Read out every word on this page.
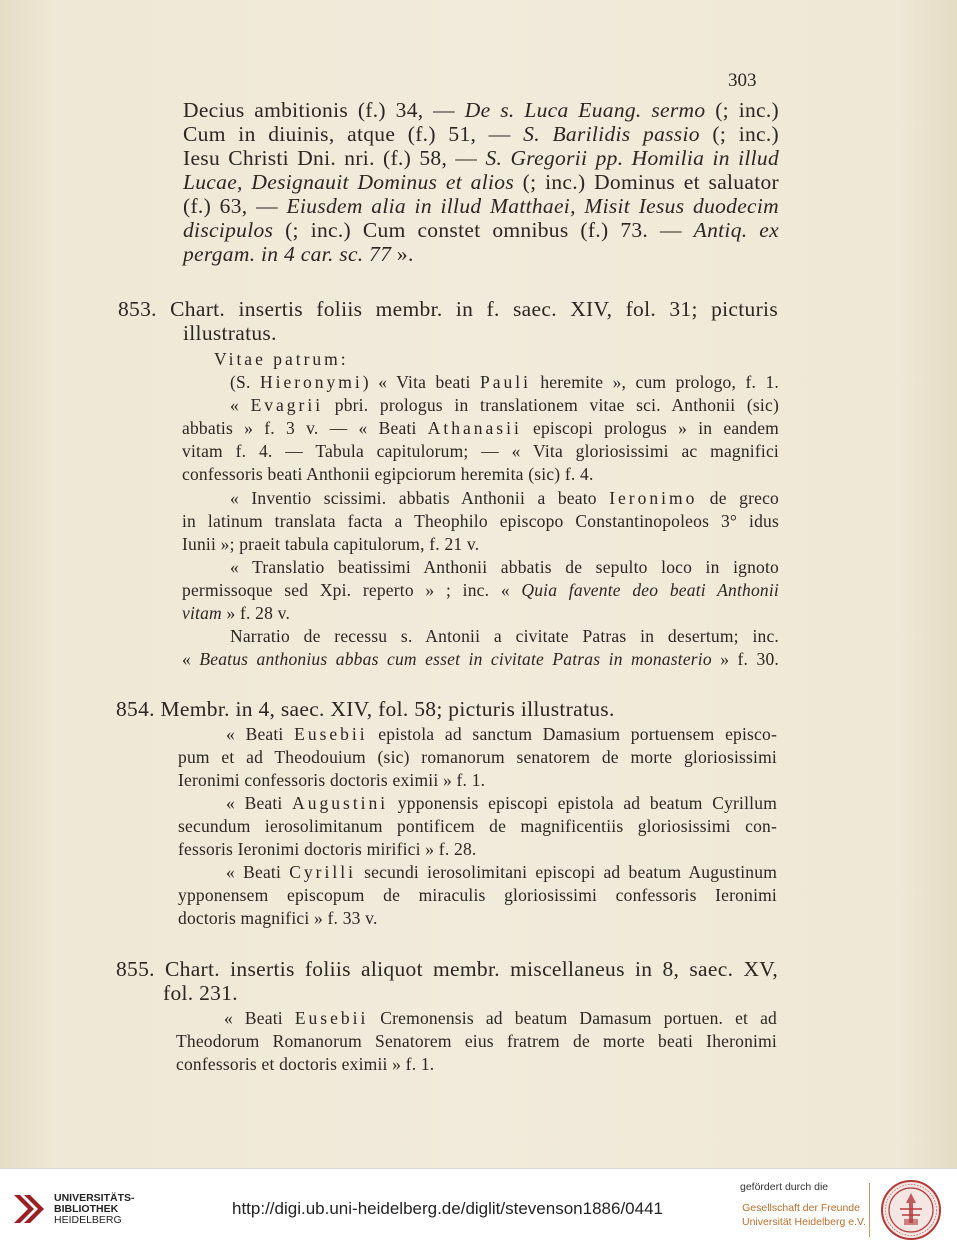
303
Decius ambitionis (f.) 34, — De s. Luca Euang. sermo (; inc.)
Cum in diuinis, atque (f.) 51, — S. Barilidis passio (; inc.)
Iesu Christi Dni. nri. (f.) 58, — S. Gregorii pp. Homilia in illud
Lucae, Designauit Dominus et alios (; inc.) Dominus et saluator
(f.) 63, — Eiusdem alia in illud Matthaei, Misit Iesus duodecim
discipulos (; inc.) Cum constet omnibus (f.) 73. — Antiq. ex
pergam. in 4 car. sc. 77 ».
853. Chart. insertis foliis membr. in f. saec. XIV, fol. 31; picturis
illustratus.
Vitae patrum:
(S. Hieronymi) « Vita beati Pauli heremite », cum prologo, f. 1.
« Evagrii pbri. prologus in translationem vitae sci. Anthonii (sic)
abbatis » f. 3 v. — « Beati Athanasii episcopi prologus » in eandem
vitam f. 4. — Tabula capitulorum; — « Vita gloriosissimi ac magnifici
confessoris beati Anthonii egipciorum heremita (sic) f. 4.
« Inventio scissimi. abbatis Anthonii a beato Ieronimo de greco
in latinum translata facta a Theophilo episcopo Constantinopoleos 3° idus
Iunii »; praeit tabula capitulorum, f. 21 v.
« Translatio beatissimi Anthonii abbatis de sepulto loco in ignoto
permissoque sed Xpi. reperto » ; inc. « Quia favente deo beati Anthonii
vitam » f. 28 v.
Narratio de recessu s. Antonii a civitate Patras in desertum; inc.
« Beatus anthonius abbas cum esset in civitate Patras in monasterio » f. 30.
854. Membr. in 4, saec. XIV, fol. 58; picturis illustratus.
« Beati Eusebii epistola ad sanctum Damasium portuensem episco-
pum et ad Theodouium (sic) romanorum senatorem de morte gloriosissimi
Ieronimi confessoris doctoris eximii » f. 1.
« Beati Augustini ypponensis episcopi epistola ad beatum Cyrillum
secundum ierosolimitanum pontificem de magnificentiis gloriosissimi con-
fessoris Ieronimi doctoris mirifici » f. 28.
« Beati Cyrilli secundi ierosolimitani episcopi ad beatum Augustinum
ypponensem episcopum de miraculis gloriosissimi confessoris Ieronimi
doctoris magnifici » f. 33 v.
855. Chart. insertis foliis aliquot membr. miscellaneus in 8, saec. XV,
fol. 231.
« Beati Eusebii Cremonensis ad beatum Damasum portuen. et ad
Theodorum Romanorum Senatorem eius fratrem de morte beati Iheronimi
confessoris et doctoris eximii » f. 1.
UNIVERSITÄTS-
BIBLIOTHEK
HEIDELBERG
http://digi.ub.uni-heidelberg.de/diglit/stevenson1886/0441
gefördert durch die
Gesellschaft der Freunde
Universität Heidelberg e.V.
